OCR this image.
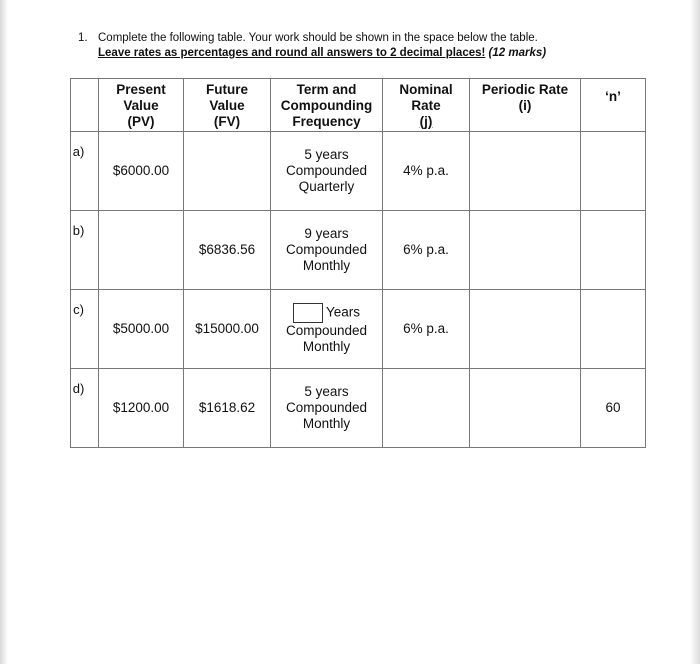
1. Complete the following table. Your work should be shown in the space below the table.
Leave rates as percentages and round all answers to 2 decimal places! (12 marks)

	Present
Value
(PV)	Future
Value
(FV)	Term and
Compounding
Frequency	Nominal
Rate
(j)	Periodic Rate
(i)	‘n’

a)	$6000.00		5 years
Compounded
Quarterly	4% p.a.		

b)		$6836.56	9 years
Compounded
Monthly	6% p.a.		

c)	$5000.00	$15000.00	Years
Compounded
Monthly	6% p.a.		

d)	$1200.00	$1618.62	5 years
Compounded
Monthly			60
